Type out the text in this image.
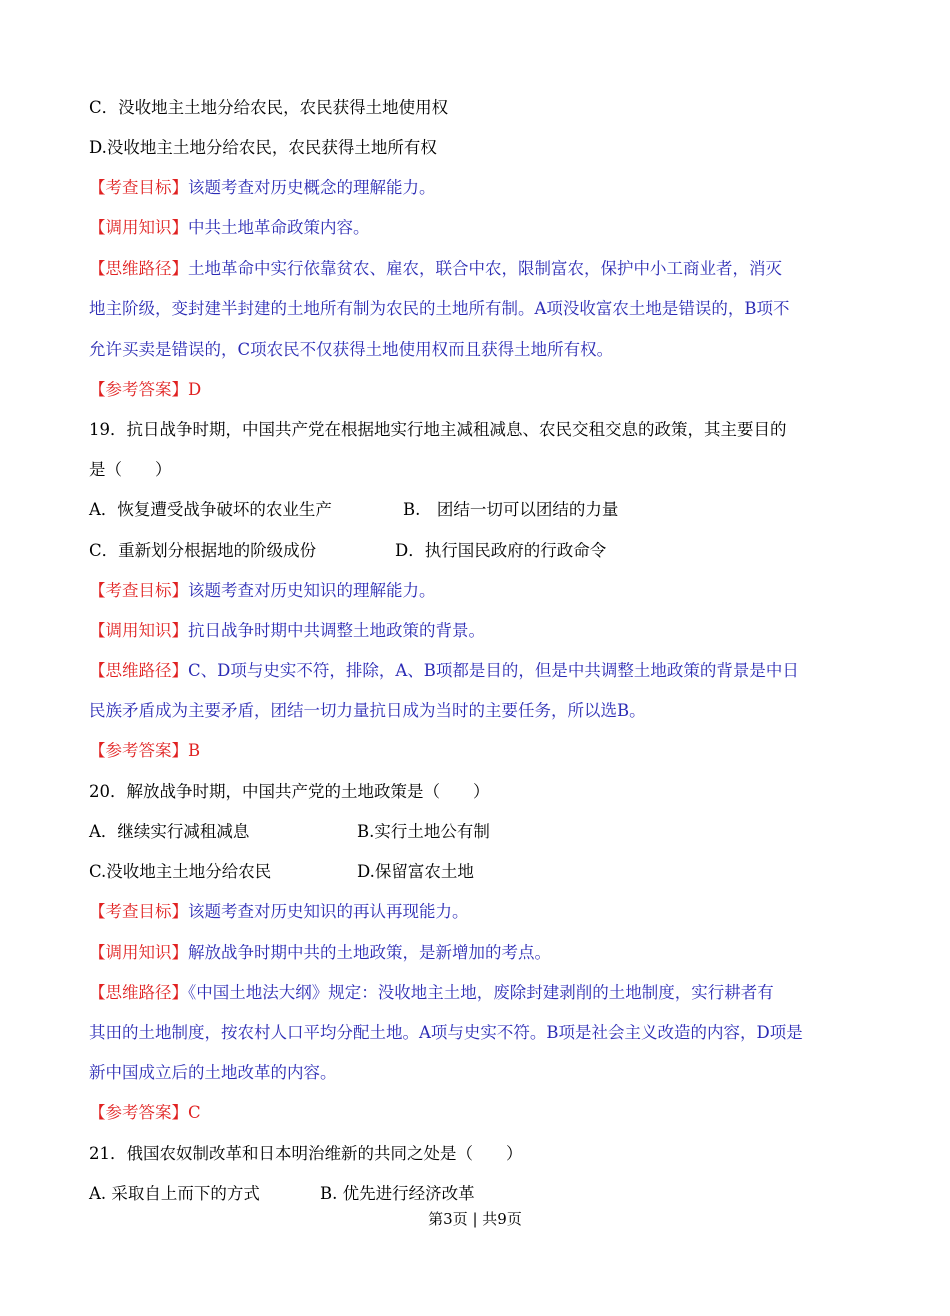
C．没收地主土地分给农民，农民获得土地使用权
D.没收地主土地分给农民，农民获得土地所有权
【考查目标】该题考查对历史概念的理解能力。
【调用知识】中共土地革命政策内容。
【思维路径】土地革命中实行依靠贫农、雇农，联合中农，限制富农，保护中小工商业者，消灭
地主阶级，变封建半封建的土地所有制为农民的土地所有制。A项没收富农土地是错误的，B项不
允许买卖是错误的，C项农民不仅获得土地使用权而且获得土地所有权。
【参考答案】D
19．抗日战争时期，中国共产党在根据地实行地主减租减息、农民交租交息的政策，其主要目的
是（　　）
A．恢复遭受战争破坏的农业生产	B.　团结一切可以团结的力量
C．重新划分根据地的阶级成份	D．执行国民政府的行政命令
【考查目标】该题考查对历史知识的理解能力。
【调用知识】抗日战争时期中共调整土地政策的背景。
【思维路径】C、D项与史实不符，排除，A、B项都是目的，但是中共调整土地政策的背景是中日
民族矛盾成为主要矛盾，团结一切力量抗日成为当时的主要任务，所以选B。
【参考答案】B
20．解放战争时期，中国共产党的土地政策是（　　）
A．继续实行减租减息	B.实行土地公有制
C.没收地主土地分给农民	D.保留富农土地
【考查目标】该题考查对历史知识的再认再现能力。
【调用知识】解放战争时期中共的土地政策，是新增加的考点。
【思维路径】《中国土地法大纲》规定：没收地主土地，废除封建剥削的土地制度，实行耕者有
其田的土地制度，按农村人口平均分配土地。A项与史实不符。B项是社会主义改造的内容，D项是
新中国成立后的土地改革的内容。
【参考答案】C
21．俄国农奴制改革和日本明治维新的共同之处是（　　）
A. 采取自上而下的方式	B. 优先进行经济改革
第3页 | 共9页
